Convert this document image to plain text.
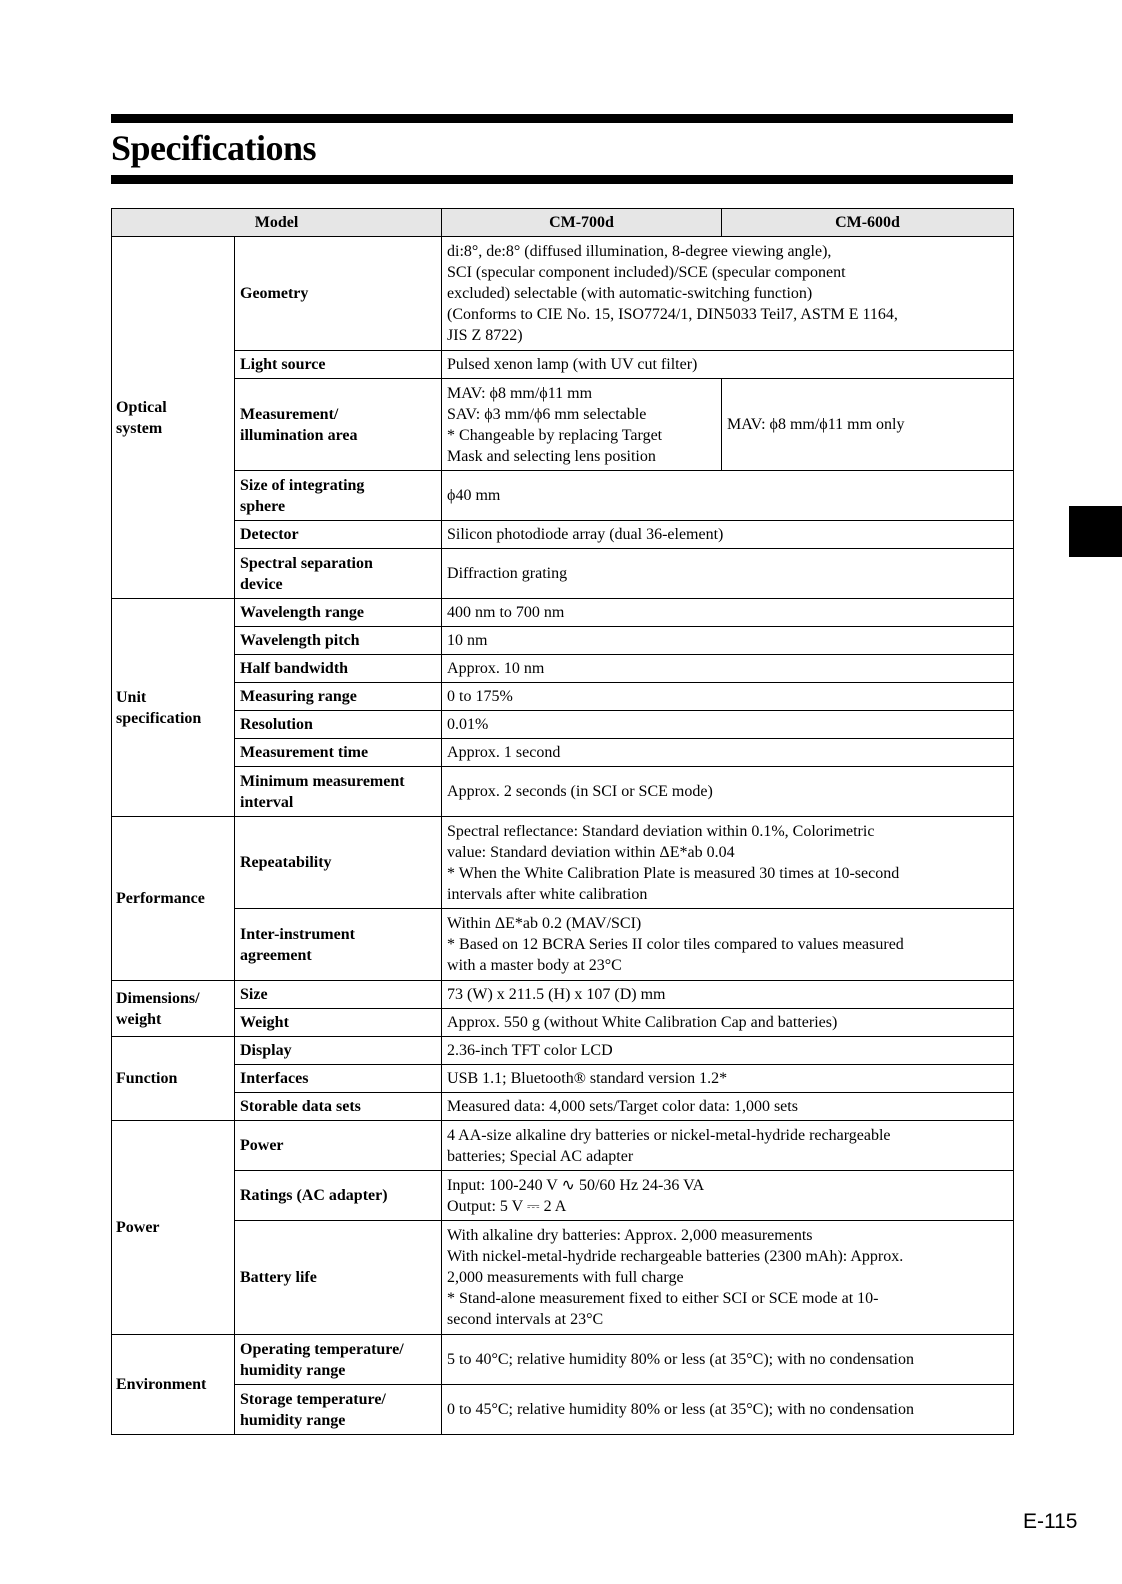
Specifications
Model		CM-700d	CM-600d
Optical
system	Geometry	di:8°, de:8° (diffused illumination, 8-degree viewing angle),
SCI (specular component included)/SCE (specular component
excluded) selectable (with automatic-switching function)
(Conforms to CIE No. 15, ISO7724/1, DIN5033 Teil7, ASTM E 1164,
JIS Z 8722)	
	Light source	Pulsed xenon lamp (with UV cut filter)	
	Measurement/
illumination area	MAV: ϕ8 mm/ϕ11 mm
SAV: ϕ3 mm/ϕ6 mm selectable
* Changeable by replacing Target
Mask and selecting lens position	MAV: ϕ8 mm/ϕ11 mm only
	Size of integrating
sphere	ϕ40 mm	
	Detector	Silicon photodiode array (dual 36-element)	
	Spectral separation
device	Diffraction grating	
Unit
specification	Wavelength range	400 nm to 700 nm	
	Wavelength pitch	10 nm	
	Half bandwidth	Approx. 10 nm	
	Measuring range	0 to 175%	
	Resolution	0.01%	
	Measurement time	Approx. 1 second	
	Minimum measurement
interval	Approx. 2 seconds (in SCI or SCE mode)	
Performance	Repeatability	Spectral reflectance: Standard deviation within 0.1%, Colorimetric
value: Standard deviation within ΔE*ab 0.04
* When the White Calibration Plate is measured 30 times at 10-second
intervals after white calibration	
	Inter-instrument
agreement	Within ΔE*ab 0.2 (MAV/SCI)
* Based on 12 BCRA Series II color tiles compared to values measured
with a master body at 23°C	
Dimensions/
weight	Size	73 (W) x 211.5 (H) x 107 (D) mm	
	Weight	Approx. 550 g (without White Calibration Cap and batteries)	
Function	Display	2.36-inch TFT color LCD	
	Interfaces	USB 1.1; Bluetooth® standard version 1.2*	
	Storable data sets	Measured data: 4,000 sets/Target color data: 1,000 sets	
Power	Power	4 AA-size alkaline dry batteries or nickel-metal-hydride rechargeable
batteries; Special AC adapter	
	Ratings (AC adapter)	Input: 100-240 V ∿ 50/60 Hz 24-36 VA
Output: 5 V ⎓ 2 A	
	Battery life	With alkaline dry batteries: Approx. 2,000 measurements
With nickel-metal-hydride rechargeable batteries (2300 mAh): Approx.
2,000 measurements with full charge
* Stand-alone measurement fixed to either SCI or SCE mode at 10-
second intervals at 23°C	
Environment	Operating temperature/
humidity range	5 to 40°C; relative humidity 80% or less (at 35°C); with no condensation	
	Storage temperature/
humidity range	0 to 45°C; relative humidity 80% or less (at 35°C); with no condensation	
E-115
